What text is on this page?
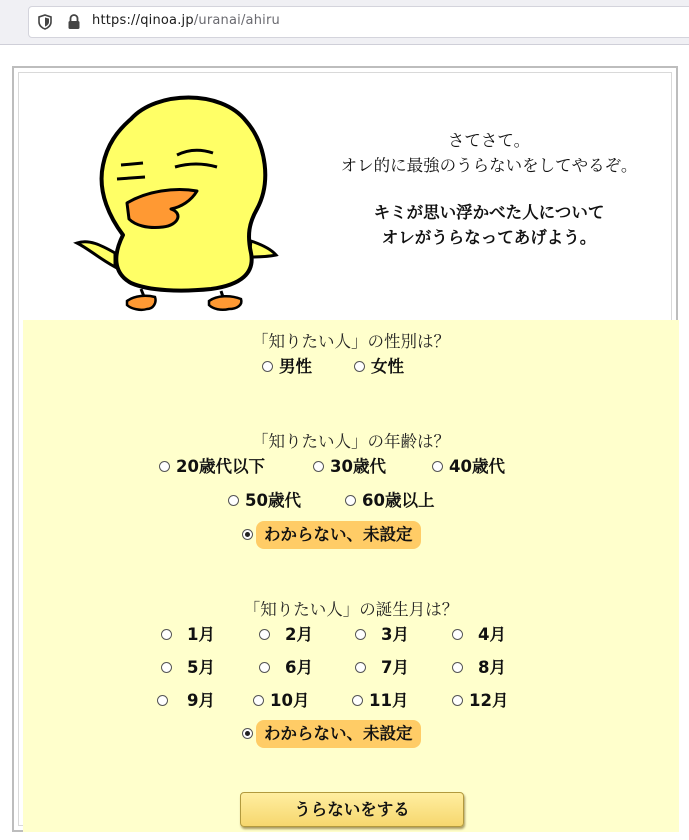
https://qinoa.jp/uranai/ahiru
さてさて。
オレ的に最強のうらないをしてやるぞ。
キミが思い浮かべた人について
オレがうらなってあげよう。
「知りたい人」の性別は？
男性	女性
「知りたい人」の年齢は？
20歳代以下	30歳代	40歳代
50歳代	60歳以上
わからない、未設定
「知りたい人」の誕生月は？
1月	2月	3月	4月
5月	6月	7月	8月
9月	10月	11月	12月
わからない、未設定
うらないをする
